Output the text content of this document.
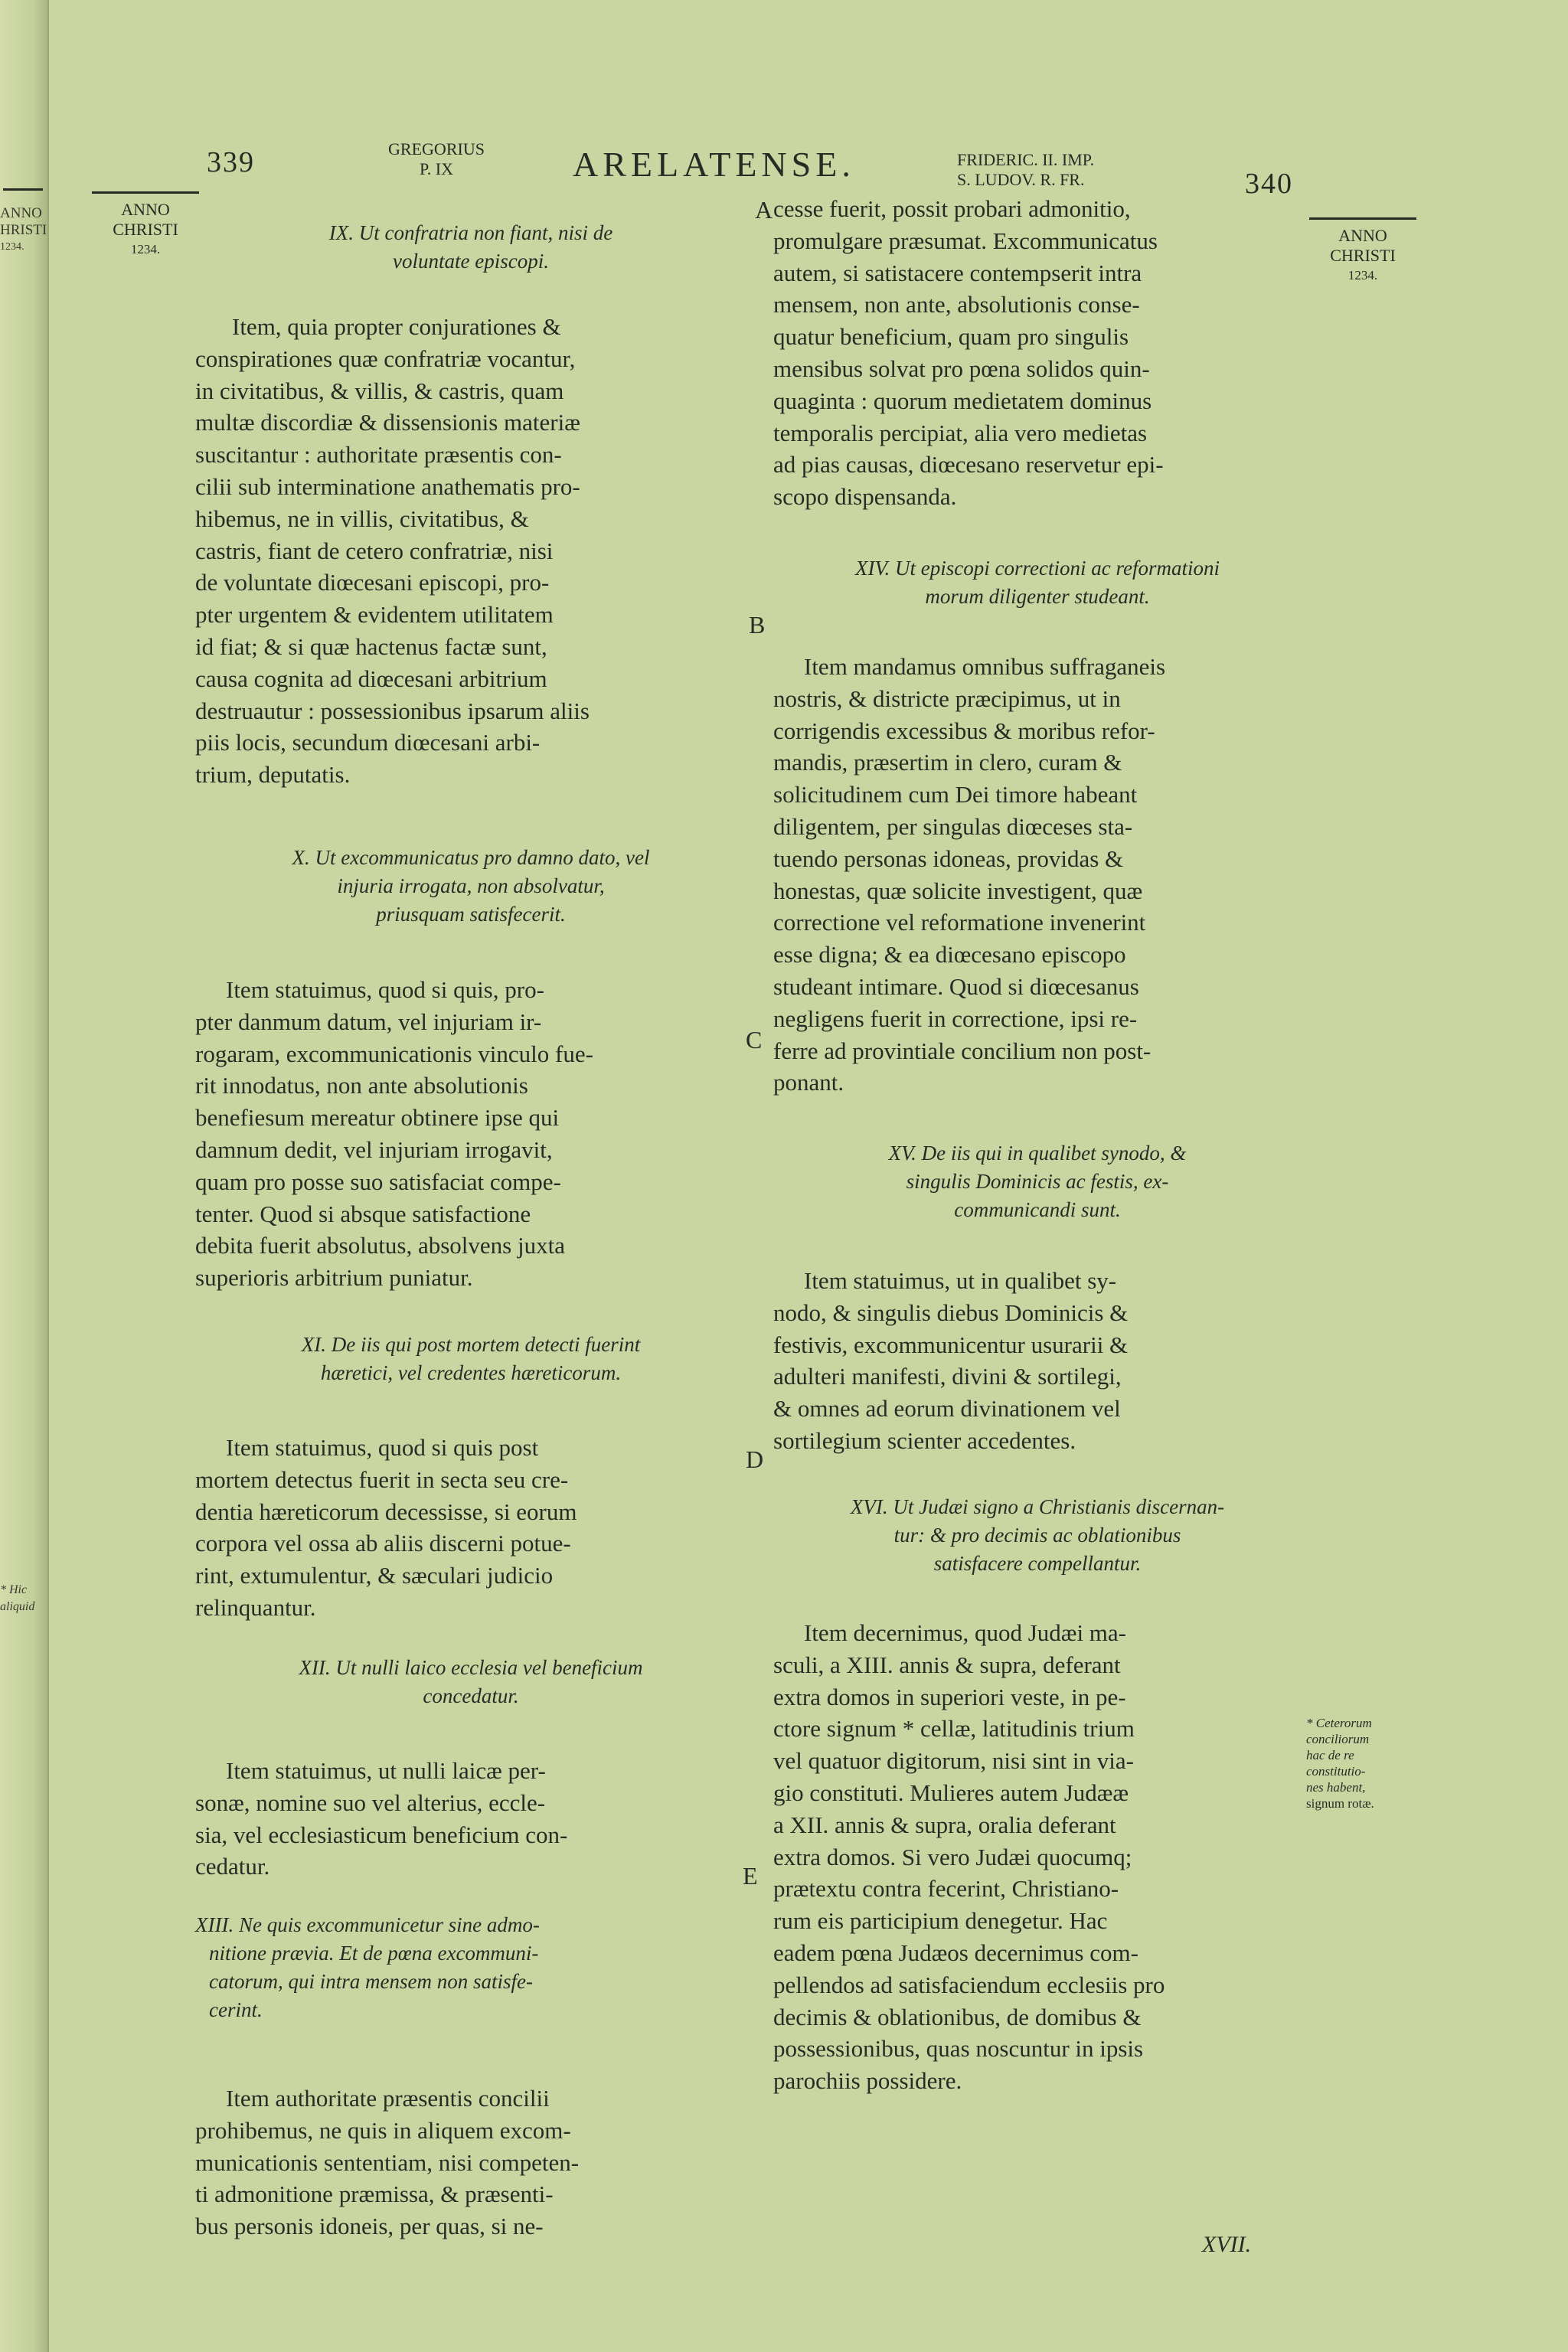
ANNO
HRISTI
1234.
* Hic
aliquid
339	GREGORIUS
P. IX	ARELATENSE.	FRIDERIC. II. IMP.
S. LUDOV. R. FR.	340
ANNO
CHRISTI
1234.
ANNO
CHRISTI
1234.
A
B
C
D
E
IX. Ut confratria non fiant, nisi de
voluntate episcopi.
Item, quia propter conjurationes &
conspirationes quæ confratriæ vocantur,
in civitatibus, & villis, & castris, quam
multæ discordiæ & dissensionis materiæ
suscitantur : authoritate præsentis con-
cilii sub interminatione anathematis pro-
hibemus, ne in villis, civitatibus, &
castris, fiant de cetero confratriæ, nisi
de voluntate diœcesani episcopi, pro-
pter urgentem & evidentem utilitatem
id fiat; & si quæ hactenus factæ sunt,
causa cognita ad diœcesani arbitrium
destruautur : possessionibus ipsarum aliis
piis locis, secundum diœcesani arbi-
trium, deputatis.
X. Ut excommunicatus pro damno dato, vel
injuria irrogata, non absolvatur,
priusquam satisfecerit.
Item statuimus, quod si quis, pro-
pter danmum datum, vel injuriam ir-
rogaram, excommunicationis vinculo fue-
rit innodatus, non ante absolutionis
benefiesum mereatur obtinere ipse qui
damnum dedit, vel injuriam irrogavit,
quam pro posse suo satisfaciat compe-
tenter. Quod si absque satisfactione
debita fuerit absolutus, absolvens juxta
superioris arbitrium puniatur.
XI. De iis qui post mortem detecti fuerint
hæretici, vel credentes hæreticorum.
Item statuimus, quod si quis post
mortem detectus fuerit in secta seu cre-
dentia hæreticorum decessisse, si eorum
corpora vel ossa ab aliis discerni potue-
rint, extumulentur, & sæculari judicio
relinquantur.
XII. Ut nulli laico ecclesia vel beneficium
concedatur.
Item statuimus, ut nulli laicæ per-
sonæ, nomine suo vel alterius, eccle-
sia, vel ecclesiasticum beneficium con-
cedatur.
XIII. Ne quis excommunicetur sine admo-
nitione prævia. Et de pœna excommuni-
catorum, qui intra mensem non satisfe-
cerint.
Item authoritate præsentis concilii
prohibemus, ne quis in aliquem excom-
municationis sententiam, nisi competen-
ti admonitione præmissa, & præsenti-
bus personis idoneis, per quas, si ne-
cesse fuerit, possit probari admonitio,
promulgare præsumat. Excommunicatus
autem, si satistacere contempserit intra
mensem, non ante, absolutionis conse-
quatur beneficium, quam pro singulis
mensibus solvat pro pœna solidos quin-
quaginta : quorum medietatem dominus
temporalis percipiat, alia vero medietas
ad pias causas, diœcesano reservetur epi-
scopo dispensanda.
XIV. Ut episcopi correctioni ac reformationi
morum diligenter studeant.
Item mandamus omnibus suffraganeis
nostris, & districte præcipimus, ut in
corrigendis excessibus & moribus refor-
mandis, præsertim in clero, curam &
solicitudinem cum Dei timore habeant
diligentem, per singulas diœceses sta-
tuendo personas idoneas, providas &
honestas, quæ solicite investigent, quæ
correctione vel reformatione invenerint
esse digna; & ea diœcesano episcopo
studeant intimare. Quod si diœcesanus
negligens fuerit in correctione, ipsi re-
ferre ad provintiale concilium non post-
ponant.
XV. De iis qui in qualibet synodo, &
singulis Dominicis ac festis, ex-
communicandi sunt.
Item statuimus, ut in qualibet sy-
nodo, & singulis diebus Dominicis &
festivis, excommunicentur usurarii &
adulteri manifesti, divini & sortilegi,
& omnes ad eorum divinationem vel
sortilegium scienter accedentes.
XVI. Ut Judæi signo a Christianis discernan-
tur: & pro decimis ac oblationibus
satisfacere compellantur.
Item decernimus, quod Judæi ma-
sculi, a XIII. annis & supra, deferant
extra domos in superiori veste, in pe-
ctore signum * cellæ, latitudinis trium
vel quatuor digitorum, nisi sint in via-
gio constituti. Mulieres autem Judææ
a XII. annis & supra, oralia deferant
extra domos. Si vero Judæi quocumq;
prætextu contra fecerint, Christiano-
rum eis participium denegetur. Hac
eadem pœna Judæos decernimus com-
pellendos ad satisfaciendum ecclesiis pro
decimis & oblationibus, de domibus &
possessionibus, quas noscuntur in ipsis
parochiis possidere.
* Ceterorum
conciliorum
hac de re
constitutio-
nes habent,
signum rotæ.
XVII.
